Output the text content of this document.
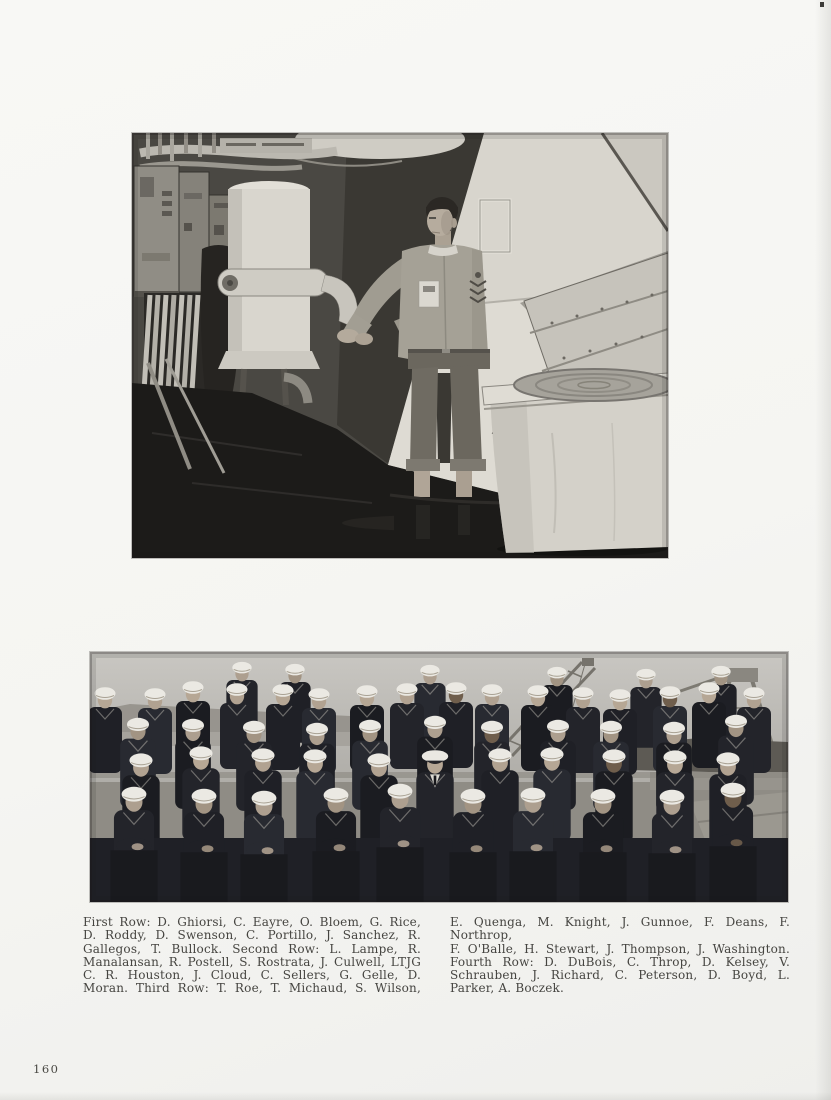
First Row: D. Ghiorsi, C. Eayre, O. Bloem, G. Rice,
D. Roddy, D. Swenson, C. Portillo, J. Sanchez, R.
Gallegos, T. Bullock. Second Row: L. Lampe, R.
Manalansan, R. Postell, S. Rostrata, J. Culwell, LTJG
C. R. Houston, J. Cloud, C. Sellers, G. Gelle, D.
Moran. Third Row: T. Roe, T. Michaud, S. Wilson,
E. Quenga, M. Knight, J. Gunnoe, F. Deans, F. Northrop,
F. O'Balle, H. Stewart, J. Thompson, J. Washington.
Fourth Row: D. DuBois, C. Throp, D. Kelsey, V.
Schrauben, J. Richard, C. Peterson, D. Boyd, L.
Parker, A. Boczek.
160
